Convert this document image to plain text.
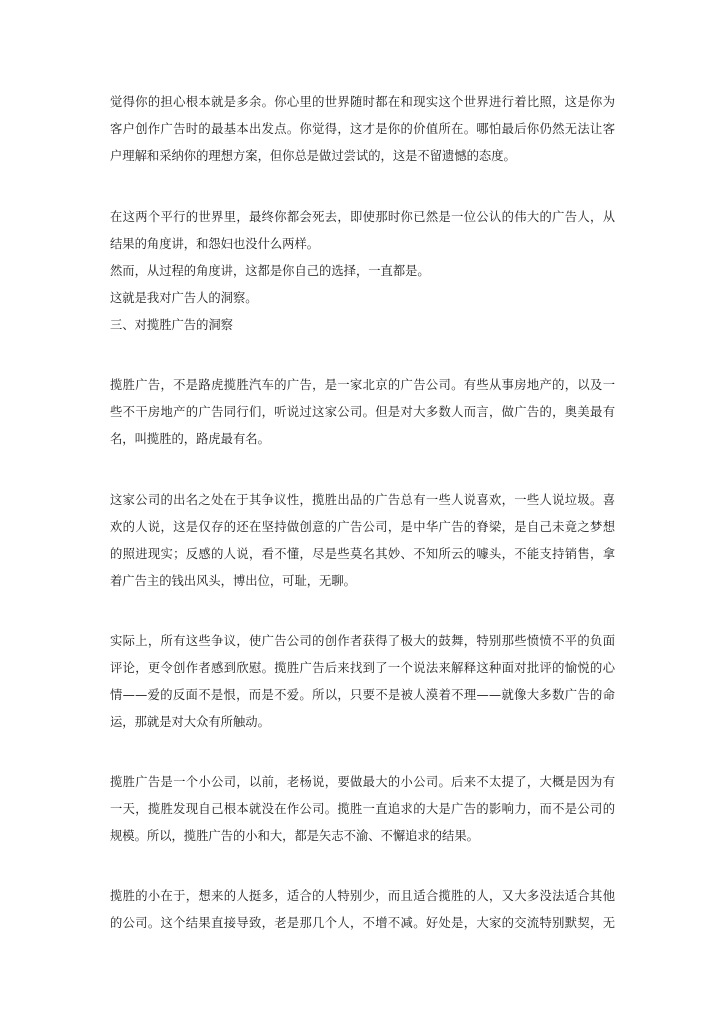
觉得你的担心根本就是多余。你心里的世界随时都在和现实这个世界进行着比照，这是你为
客户创作广告时的最基本出发点。你觉得，这才是你的价值所在。哪怕最后你仍然无法让客
户理解和采纳你的理想方案，但你总是做过尝试的，这是不留遗憾的态度。
在这两个平行的世界里，最终你都会死去，即使那时你已然是一位公认的伟大的广告人，从
结果的角度讲，和怨妇也没什么两样。
然而，从过程的角度讲，这都是你自己的选择，一直都是。
这就是我对广告人的洞察。
三、对揽胜广告的洞察
揽胜广告，不是路虎揽胜汽车的广告，是一家北京的广告公司。有些从事房地产的，以及一
些不干房地产的广告同行们，听说过这家公司。但是对大多数人而言，做广告的，奥美最有
名，叫揽胜的，路虎最有名。
这家公司的出名之处在于其争议性，揽胜出品的广告总有一些人说喜欢，一些人说垃圾。喜
欢的人说，这是仅存的还在坚持做创意的广告公司，是中华广告的脊梁，是自己未竟之梦想
的照进现实；反感的人说，看不懂，尽是些莫名其妙、不知所云的噱头，不能支持销售，拿
着广告主的钱出风头，博出位，可耻，无聊。
实际上，所有这些争议，使广告公司的创作者获得了极大的鼓舞，特别那些愤愤不平的负面
评论，更令创作者感到欣慰。揽胜广告后来找到了一个说法来解释这种面对批评的愉悦的心
情——爱的反面不是恨，而是不爱。所以，只要不是被人漠着不理——就像大多数广告的命
运，那就是对大众有所触动。
揽胜广告是一个小公司，以前，老杨说，要做最大的小公司。后来不太提了，大概是因为有
一天，揽胜发现自己根本就没在作公司。揽胜一直追求的大是广告的影响力，而不是公司的
规模。所以，揽胜广告的小和大，都是矢志不渝、不懈追求的结果。
揽胜的小在于，想来的人挺多，适合的人特别少，而且适合揽胜的人，又大多没法适合其他
的公司。这个结果直接导致，老是那几个人，不增不减。好处是，大家的交流特别默契，无
